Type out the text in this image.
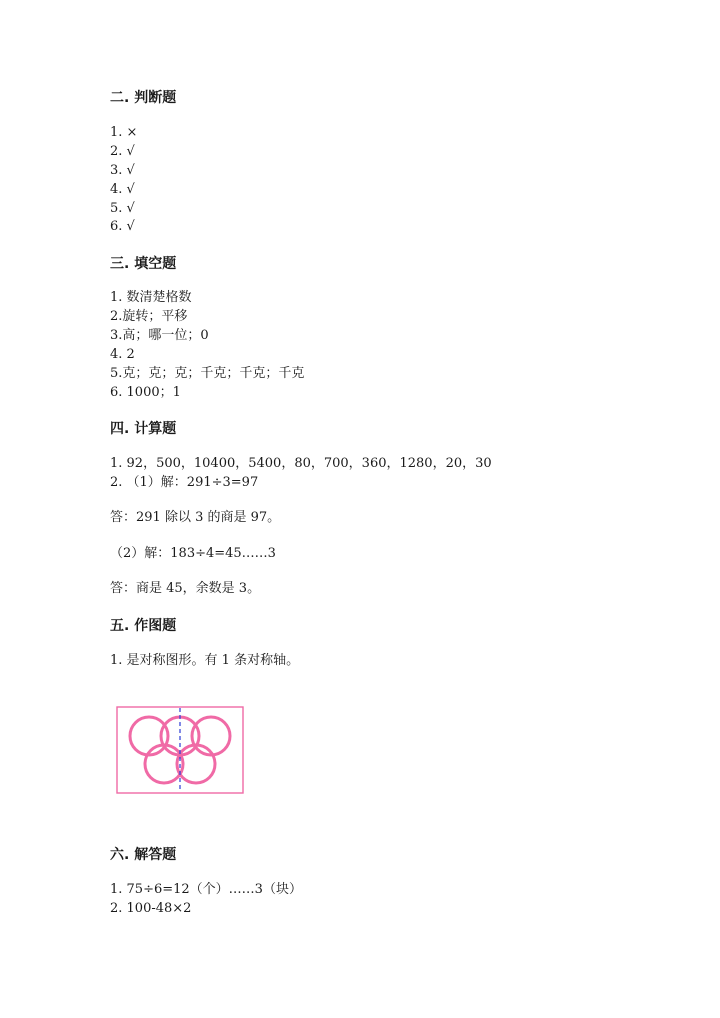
二. 判断题
1. ×
2. √
3. √
4. √
5. √
6. √
三. 填空题
1. 数清楚格数
2.旋转；平移
3.高；哪一位；0
4. 2
5.克；克；克；千克；千克；千克
6. 1000；1
四. 计算题
1. 92，500，10400，5400，80，700，360，1280，20，30
2. （1）解：291÷3=97
答：291 除以 3 的商是 97。
（2）解：183÷4=45……3
答：商是 45，余数是 3。
五. 作图题
1. 是对称图形。有 1 条对称轴。
六. 解答题
1. 75÷6=12（个）……3（块）
2. 100-48×2
